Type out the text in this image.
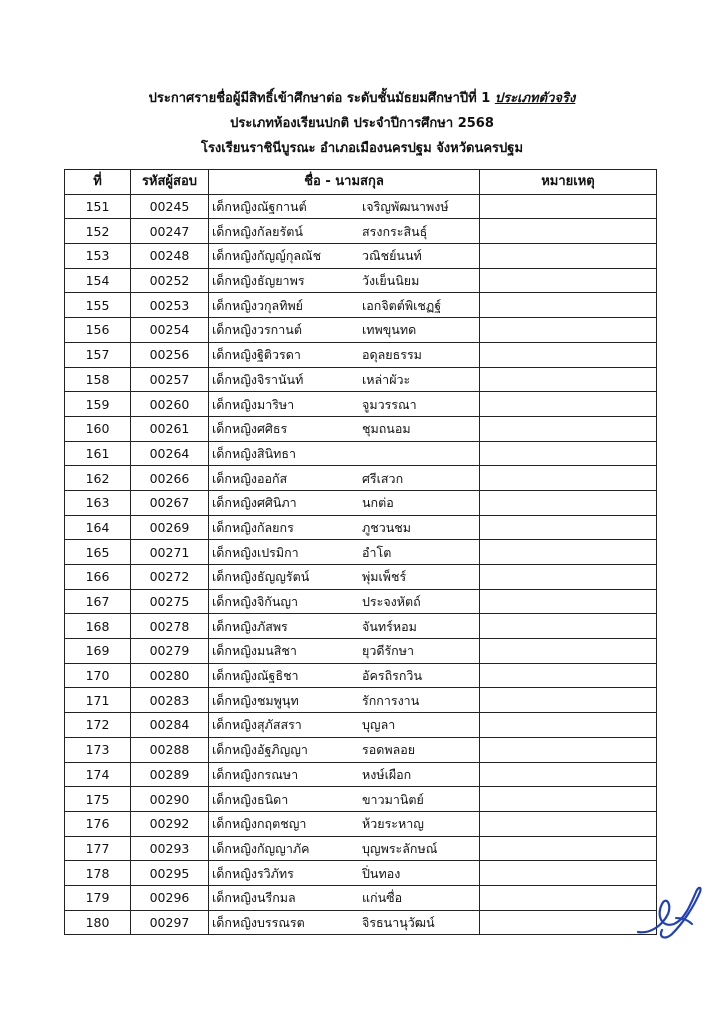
ประกาศรายชื่อผู้มีสิทธิ์เข้าศึกษาต่อ ระดับชั้นมัธยมศึกษาปีที่ 1 ประเภทตัวจริง
ประเภทห้องเรียนปกติ ประจำปีการศึกษา 2568
โรงเรียนราชินีบูรณะ อำเภอเมืองนครปฐม จังหวัดนครปฐม
ที่	รหัสผู้สอบ	ชื่อ - นามสกุล	หมายเหตุ
151	00245	เด็กหญิงณัฐกานต์ เจริญพัฒนาพงษ์	
152	00247	เด็กหญิงกัลยรัตน์ สรงกระสินธุ์	
153	00248	เด็กหญิงกัญญ์กุลณัช วณิชย์นนท์	
154	00252	เด็กหญิงธัญยาพร วังเย็นนิยม	
155	00253	เด็กหญิงวกุลทิพย์ เอกจิตต์พิเชฏฐ์	
156	00254	เด็กหญิงวรกานต์ เทพขุนทด	
157	00256	เด็กหญิงฐิติวรดา อดุลยธรรม	
158	00257	เด็กหญิงจิรานันท์ เหล่าผัวะ	
159	00260	เด็กหญิงมาริษา จูมวรรณา	
160	00261	เด็กหญิงศศิธร ชุมถนอม	
161	00264	เด็กหญิงสินิทธา	
162	00266	เด็กหญิงออกัส ศรีเสวก	
163	00267	เด็กหญิงศศินิภา นกต่อ	
164	00269	เด็กหญิงกัลยกร ภูชวนชม	
165	00271	เด็กหญิงเปรมิกา อำโต	
166	00272	เด็กหญิงธัญญรัตน์ พุ่มเพ็ชร์	
167	00275	เด็กหญิงจิกันญา ประจงหัตถ์	
168	00278	เด็กหญิงภัสพร จันทร์หอม	
169	00279	เด็กหญิงมนสิชา ยุวดีรักษา	
170	00280	เด็กหญิงณัฐธิชา อัครถิรกวิน	
171	00283	เด็กหญิงชมพูนุท รักการงาน	
172	00284	เด็กหญิงสุภัสสรา บุญลา	
173	00288	เด็กหญิงอัฐภิญญา รอดพลอย	
174	00289	เด็กหญิงกรณษา หงษ์เผือก	
175	00290	เด็กหญิงธนิดา ขาวมานิตย์	
176	00292	เด็กหญิงกฤตชญา ห้วยระหาญ	
177	00293	เด็กหญิงกัญญาภัค บุญพระลักษณ์	
178	00295	เด็กหญิงรวิภัทร ปิ่นทอง	
179	00296	เด็กหญิงนรีกมล แก่นซื่อ	
180	00297	เด็กหญิงบรรณรต จิรธนานุวัฒน์	
